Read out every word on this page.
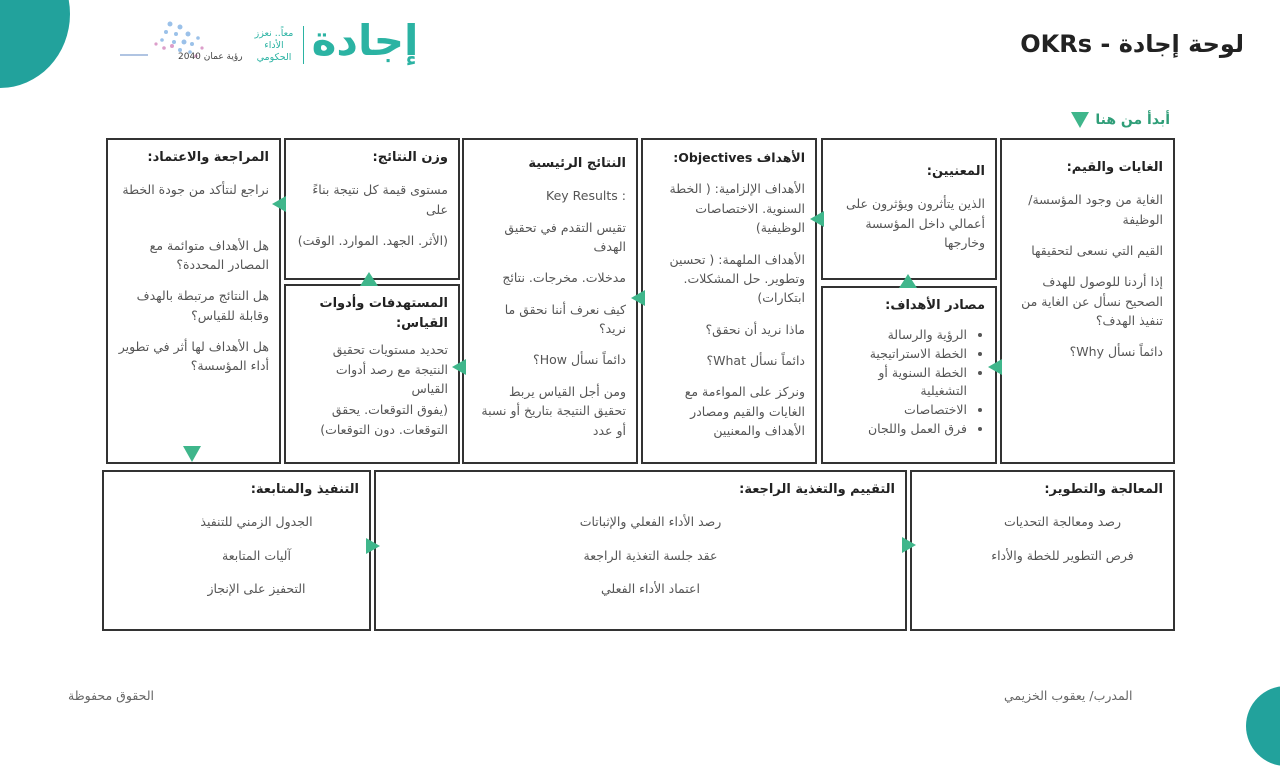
رؤية عمان 2040
معاً.. نعزز الأداء الحكومي إجادة	لوحة إجادة - OKRs
أبدأ من هنا
الغايات والقيم:

الغاية من وجود المؤسسة/ الوظيفة

القيم التي نسعى لتحقيقها

إذا أردنا للوصول للهدف الصحيح نسأل عن الغاية من تنفيذ الهدف؟

دائماً نسأل Why؟

المعنيين:

الذين يتأثرون ويؤثرون على أعمالي داخل المؤسسة وخارجها

مصادر الأهداف:
• الرؤية والرسالة
• الخطة الاستراتيجية
• الخطة السنوية أو التشغيلية
• الاختصاصات
• فرق العمل واللجان
الأهداف Objectives:

الأهداف الإلزامية: ( الخطة السنوية. الاختصاصات الوظيفية)

الأهداف الملهمة: ( تحسين وتطوير. حل المشكلات. ابتكارات)

ماذا نريد أن نحقق؟

دائماً نسأل What؟

ونركز على المواءمة مع الغايات والقيم ومصادر الأهداف والمعنيين

النتائج الرئيسية

Key Results :

تقيس التقدم في تحقيق الهدف

مدخلات. مخرجات. نتائج

كيف نعرف أننا نحقق ما نريد؟

دائماً نسأل How؟

ومن أجل القياس يربط تحقيق النتيجة بتاريخ أو نسبة أو عدد

وزن النتائج:

مستوى قيمة كل نتيجة بناءً على

(الأثر. الجهد. الموارد. الوقت)

المستهدفات وأدوات القياس:

تحديد مستويات تحقيق النتيجة مع رصد أدوات القياس

(يفوق التوقعات. يحقق التوقعات. دون التوقعات)

المراجعة والاعتماد:

نراجع لنتأكد من جودة الخطة

هل الأهداف متوائمة مع المصادر المحددة؟

هل النتائج مرتبطة بالهدف وقابلة للقياس؟

هل الأهداف لها أثر في تطوير أداء المؤسسة؟

المعالجة والتطوير:

رصد ومعالجة التحديات

فرص التطوير للخطة والأداء

التقييم والتغذية الراجعة:

رصد الأداء الفعلي والإثباتات

عقد جلسة التغذية الراجعة

اعتماد الأداء الفعلي

التنفيذ والمتابعة:

الجدول الزمني للتنفيذ

آليات المتابعة

التحفيز على الإنجاز

المدرب/ يعقوب الخزيمي
الحقوق محفوظة
